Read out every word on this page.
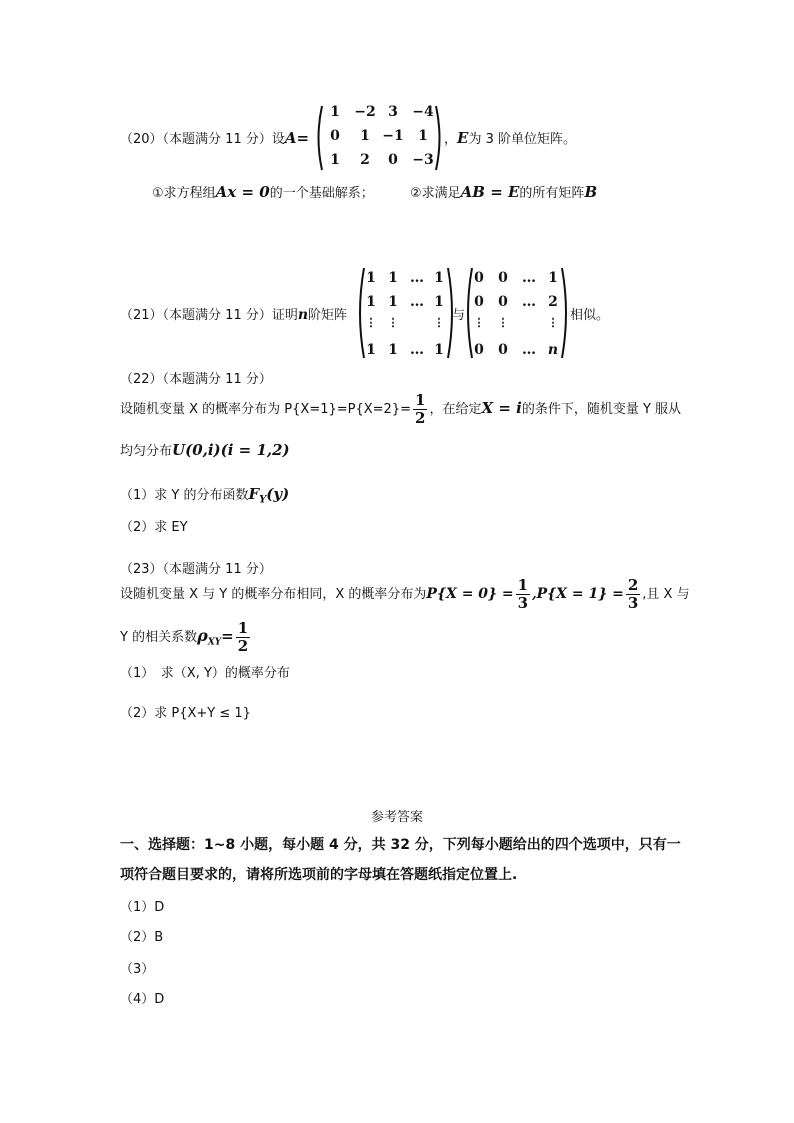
（20）（本题满分 11 分）设A=
1	−2 3	−4
0	1 −1	1
1	2	0	−3
，E为 3 阶单位矩阵。
①求方程组Ax = 0的一个基础解系；	②求满足AB = E的所有矩阵B
（21）（本题满分 11 分）证明n阶矩阵
1 1 … 1
1 1 … 1
⋮	⋮	⋮
1 1 … 1
与
0	0	… 1
0	0	… 2
⋮	⋮	⋮
0	0	… n
相似。
（22）（本题满分 11 分）
设随机变量 X 的概率分布为 $P\{X=1\}=P\{X=2\}= \frac{1}{2}$ ，在给定X = i的条件下，随机变量 Y 服从
均匀分布U(0,i)(i = 1,2)
（1）求 Y 的分布函数$F_Y(y)$
（2）求 EY
（23）（本题满分 11 分）
设随机变量 X 与 Y 的概率分布相同，X 的概率分布为$P\{X = 0\} = \frac{1}{3} ,P\{X = 1\} = \frac{2}{3}$ ,且 X 与
Y 的相关系数$\rho_{XY}= \frac{1}{2}$
（1）　求（X, Y）的概率分布
（2）求 P{X+Y ≤ 1}
参考答案
一、选择题：1~8 小题，每小题 4 分，共 32 分，下列每小题给出的四个选项中，只有一
项符合题目要求的，请将所选项前的字母填在答题纸指定位置上.
（1）D
（2）B
（3）
（4）D
